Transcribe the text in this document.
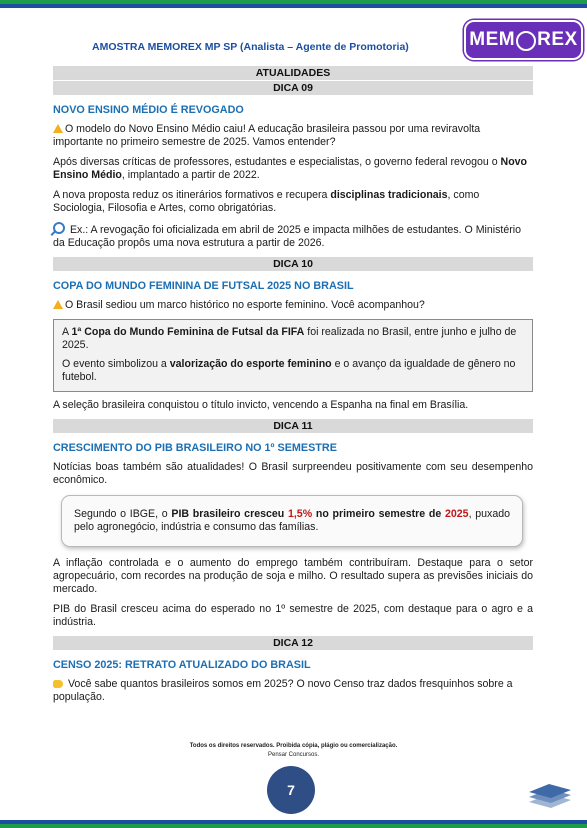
AMOSTRA MEMOREX MP SP (Analista – Agente de Promotoria)	MEM REX
ATUALIDADES
DICA 09
NOVO ENSINO MÉDIO É REVOGADO

O modelo do Novo Ensino Médio caiu! A educação brasileira passou por uma reviravolta importante no primeiro semestre de 2025. Vamos entender?

Após diversas críticas de professores, estudantes e especialistas, o governo federal revogou o Novo Ensino Médio, implantado a partir de 2022.

A nova proposta reduz os itinerários formativos e recupera disciplinas tradicionais, como Sociologia, Filosofia e Artes, como obrigatórias.

Ex.: A revogação foi oficializada em abril de 2025 e impacta milhões de estudantes. O Ministério da Educação propôs uma nova estrutura a partir de 2026.

DICA 10
COPA DO MUNDO FEMININA DE FUTSAL 2025 NO BRASIL

O Brasil sediou um marco histórico no esporte feminino. Você acompanhou?

A 1ª Copa do Mundo Feminina de Futsal da FIFA foi realizada no Brasil, entre junho e julho de 2025.

O evento simbolizou a valorização do esporte feminino e o avanço da igualdade de gênero no futebol.

A seleção brasileira conquistou o título invicto, vencendo a Espanha na final em Brasília.

DICA 11
CRESCIMENTO DO PIB BRASILEIRO NO 1º SEMESTRE

Notícias boas também são atualidades! O Brasil surpreendeu positivamente com seu desempenho econômico.

Segundo o IBGE, o PIB brasileiro cresceu 1,5% no primeiro semestre de 2025, puxado pelo agronegócio, indústria e consumo das famílias.

A inflação controlada e o aumento do emprego também contribuíram. Destaque para o setor agropecuário, com recordes na produção de soja e milho. O resultado supera as previsões iniciais do mercado.

PIB do Brasil cresceu acima do esperado no 1º semestre de 2025, com destaque para o agro e a indústria.

DICA 12
CENSO 2025: RETRATO ATUALIZADO DO BRASIL

Você sabe quantos brasileiros somos em 2025? O novo Censo traz dados fresquinhos sobre a população.

Todos os direitos reservados. Proibida cópia, plágio ou comercialização.
Pensar Concursos.
7
